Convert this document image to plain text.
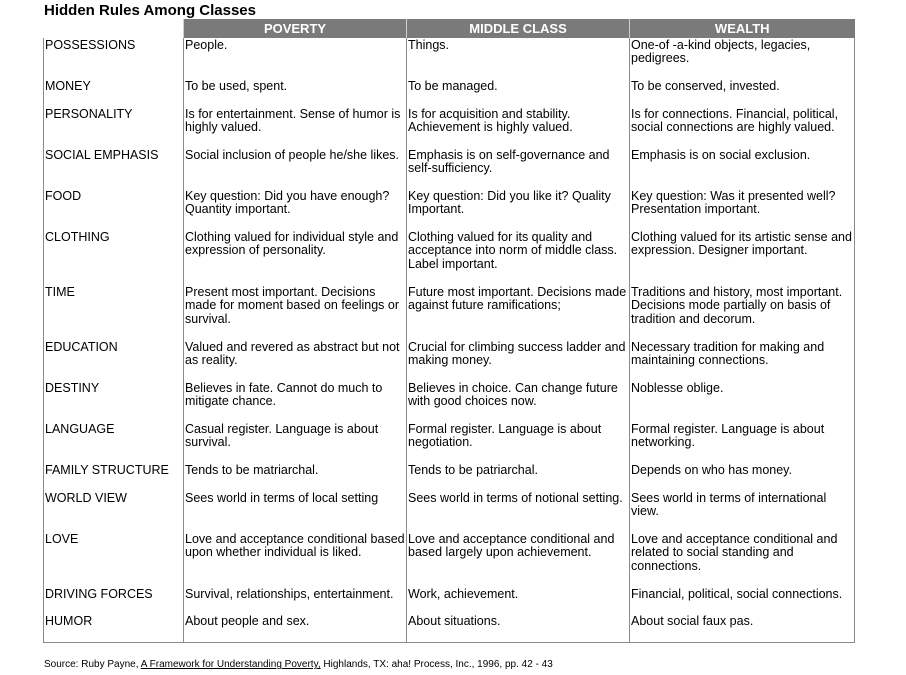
Hidden Rules Among Classes
	POVERTY	MIDDLE CLASS	WEALTH
POSSESSIONS	People.	Things.	One-of -a-kind objects, legacies, pedigrees.
MONEY	To be used, spent.	To be managed.	To be conserved, invested.
PERSONALITY	Is for entertainment. Sense of humor is highly valued.	Is for acquisition and stability. Achievement is highly valued.	Is for connections. Financial, political, social connections are highly valued.
SOCIAL EMPHASIS	Social inclusion of people he/she likes.	Emphasis is on self-governance and self-sufficiency.	Emphasis is on social exclusion.
FOOD	Key question: Did you have enough? Quantity important.	Key question: Did you like it? Quality Important.	Key question: Was it presented well? Presentation important.
CLOTHING	Clothing valued for individual style and expression of personality.	Clothing valued for its quality and acceptance into norm of middle class. Label important.	Clothing valued for its artistic sense and expression. Designer important.
TIME	Present most important. Decisions made for moment based on feelings or survival.	Future most important. Decisions made against future ramifications;	Traditions and history, most important. Decisions mode partially on basis of tradition and decorum.
EDUCATION	Valued and revered as abstract but not as reality.	Crucial for climbing success ladder and making money.	Necessary tradition for making and maintaining connections.
DESTINY	Believes in fate. Cannot do much to mitigate chance.	Believes in choice. Can change future with good choices now.	Noblesse oblige.
LANGUAGE	Casual register. Language is about survival.	Formal register. Language is about negotiation.	Formal register. Language is about networking.
FAMILY STRUCTURE	Tends to be matriarchal.	Tends to be patriarchal.	Depends on who has money.
WORLD VIEW	Sees world in terms of local setting	Sees world in terms of notional setting.	Sees world in terms of international view.
LOVE	Love and acceptance conditional based upon whether individual is liked.	Love and acceptance conditional and based largely upon achievement.	Love and acceptance conditional and related to social standing and connections.
DRIVING FORCES	Survival, relationships, entertainment.	Work, achievement.	Financial, political, social connections.
HUMOR	About people and sex.	About situations.	About social faux pas.
Source: Ruby Payne, A Framework for Understanding Poverty, Highlands, TX: aha! Process, Inc., 1996, pp. 42 - 43
